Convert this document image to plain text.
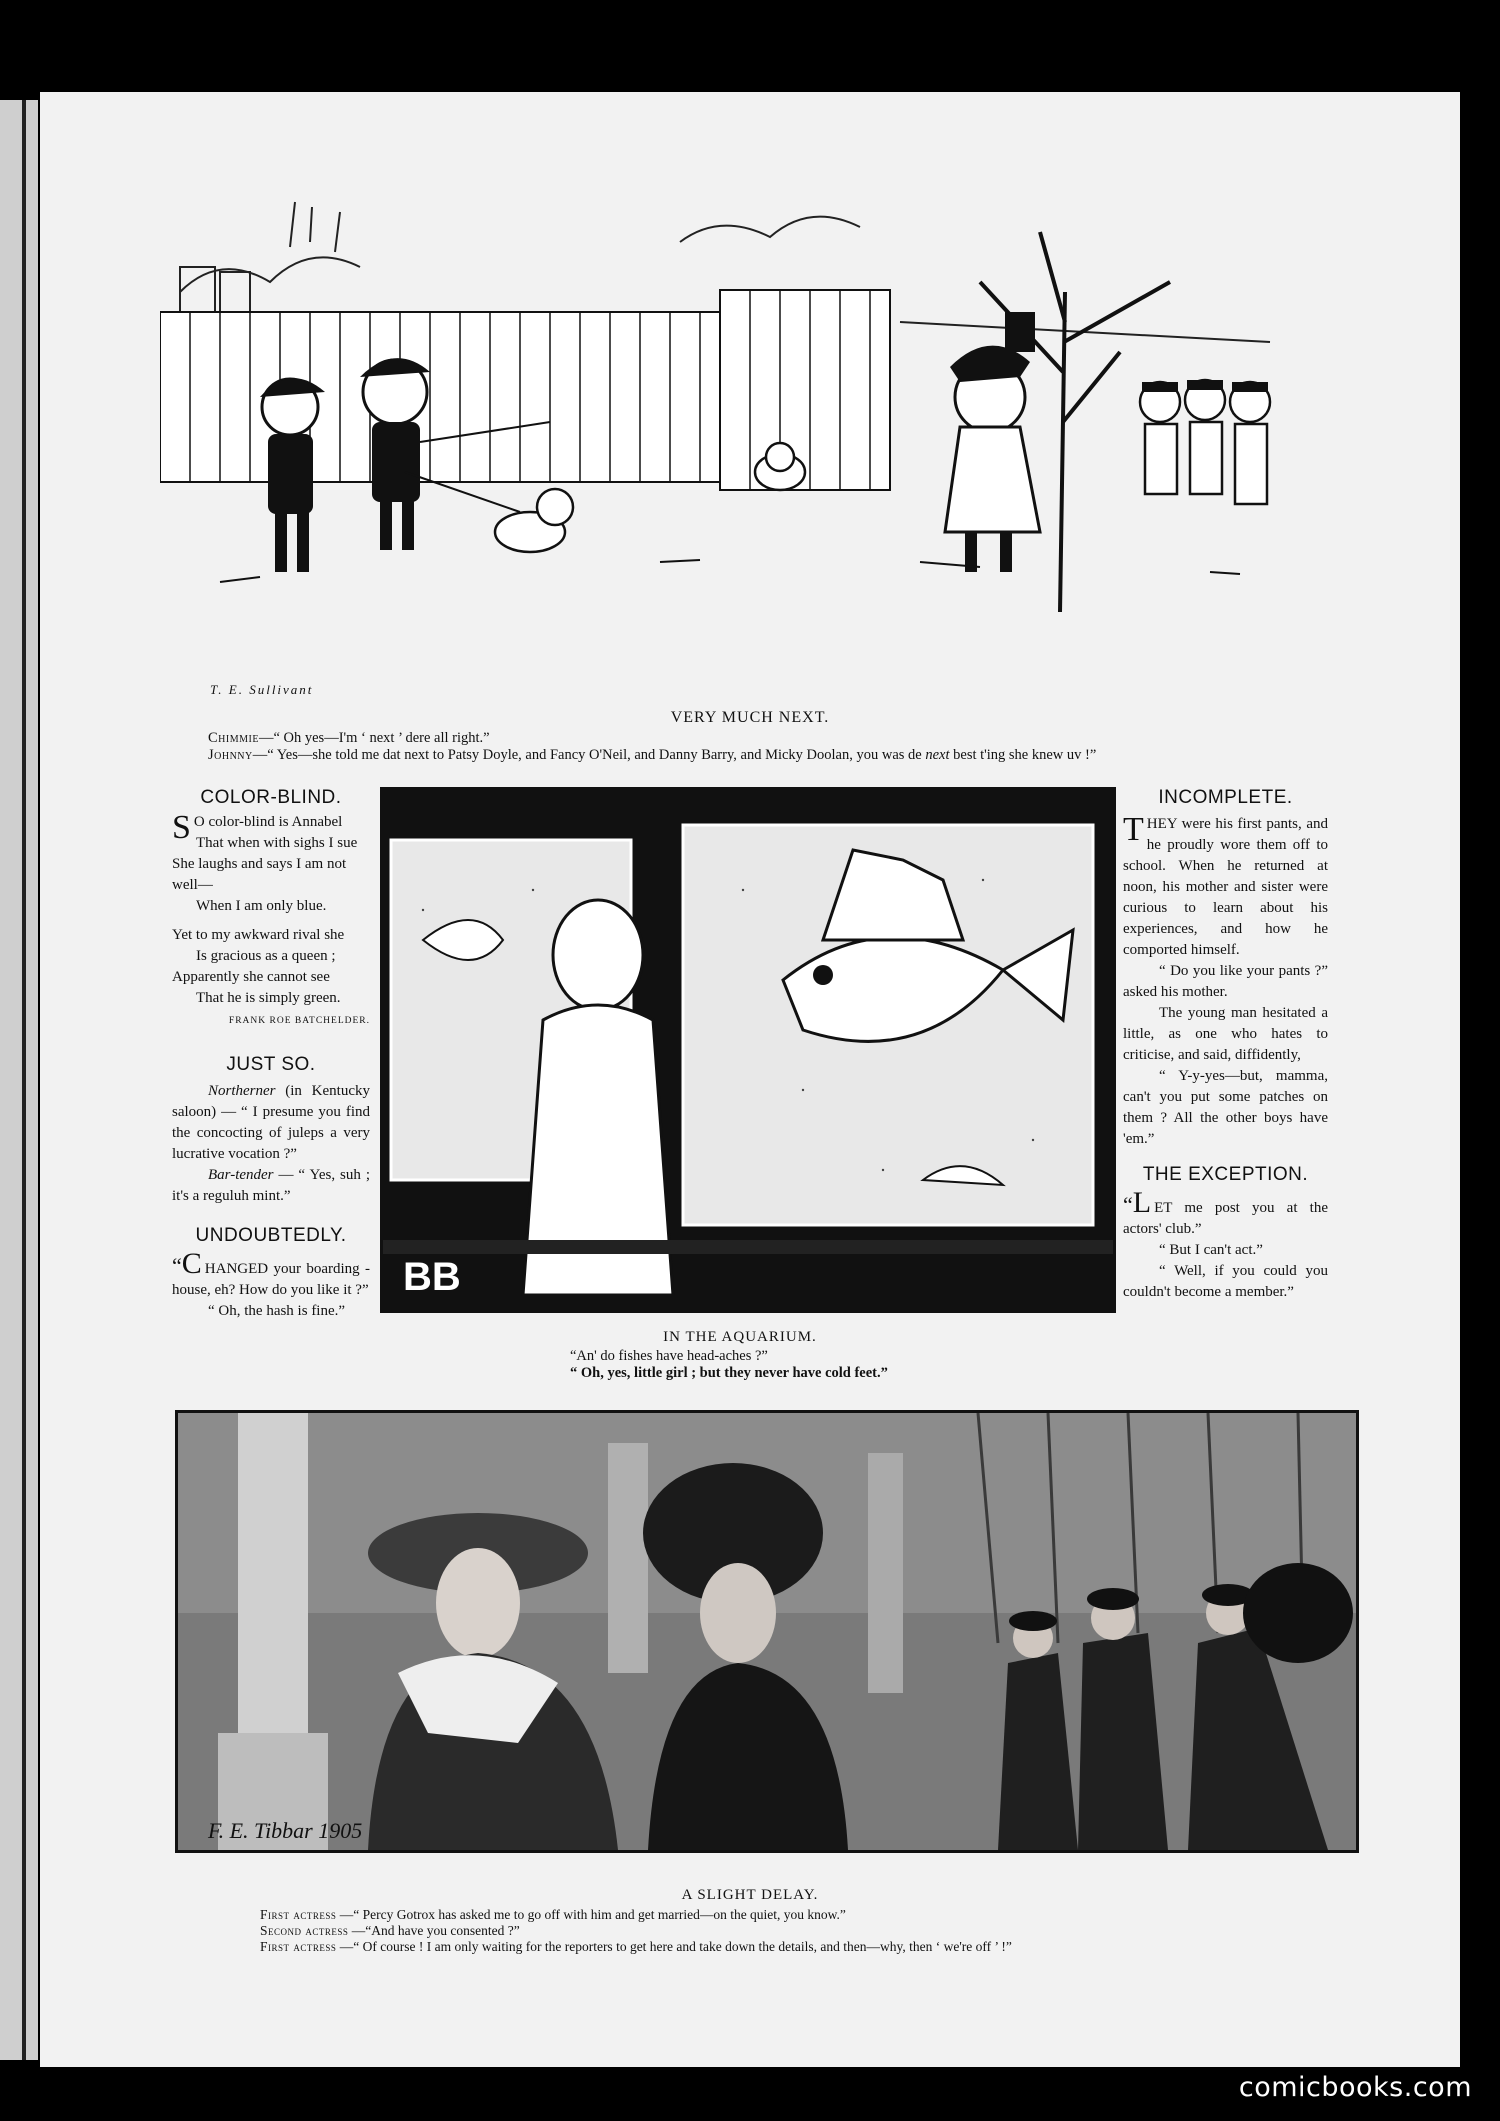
T. E. Sullivant
VERY MUCH NEXT.
Chimmie—“ Oh yes—I'm ‘ next ’ dere all right.”
Johnny—“ Yes—she told me dat next to Patsy Doyle, and Fancy O'Neil, and Danny Barry, and Micky Doolan, you was de next best t'ing she knew uv !”
COLOR-BLIND.

S O color-blind is Annabel

That when with sighs I sue

She laughs and says I am not well—

When I am only blue.

Yet to my awkward rival she

Is gracious as a queen ;

Apparently she cannot see

That he is simply green.

FRANK ROE BATCHELDER.
JUST SO.
Northerner (in Kentucky saloon) — “ I presume you find the concocting of juleps a very lucrative vocation ?”
Bar-tender — “ Yes, suh ; it's a reguluh mint.”
UNDOUBTEDLY.
“C HANGED your boarding - house, eh? How do you like it ?”
“ Oh, the hash is fine.”
BB
IN THE AQUARIUM.
“An' do fishes have head-aches ?”
“ Oh, yes, little girl ; but they never have cold feet.”
INCOMPLETE.
THEY were his first pants, and he proudly wore them off to school. When he returned at noon, his mother and sister were curious to learn about his experiences, and how he comported himself.
“ Do you like your pants ?” asked his mother.
The young man hesitated a little, as one who hates to criticise, and said, diffidently,
“ Y-y-yes—but, mamma, can't you put some patches on them ? All the other boys have 'em.”
THE EXCEPTION.
“L ET me post you at the actors' club.”
“ But I can't act.”
“ Well, if you could you couldn't become a member.”
F. E. Tibbar 1905
A SLIGHT DELAY.
First actress —“ Percy Gotrox has asked me to go off with him and get married—on the quiet, you know.”
Second actress —“And have you consented ?”
First actress —“ Of course ! I am only waiting for the reporters to get here and take down the details, and then—why, then ‘ we're off ’ !”
comicbooks.com
